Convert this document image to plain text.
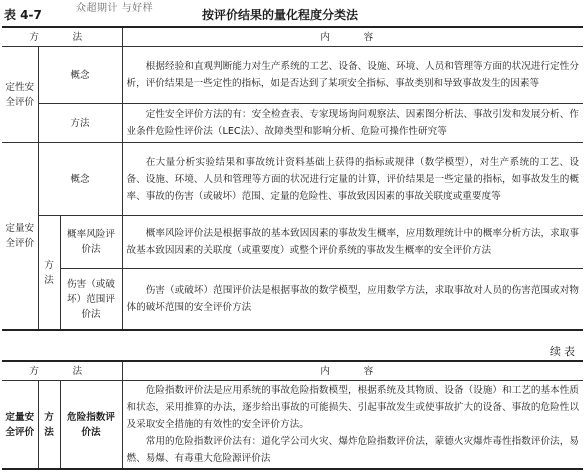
表 4-7	众超期计 与好样	按评价结果的量化程度分类法
方　法			内　容
定性安全评价	概念		根据经验和直观判断能力对生产系统的工艺、设备、设施、环境、人员和管理等方面的状况进行定性分析，评价结果是一些定性的指标，如是否达到了某项安全指标、事故类别和导致事故发生的因素等
	方法		定性安全评价方法的有：安全检查表、专家现场询问观察法、因素图分析法、事故引发和发展分析、作业条件危险性评价法（LEC法）、故障类型和影响分析、危险可操作性研究等
定量安全评价	概念		在大量分析实验结果和事故统计资料基础上获得的指标或规律（数学模型），对生产系统的工艺、设备、设施、环境、人员和管理等方面的状况进行定量的计算，评价结果是一些定量的指标，如事故发生的概率、事故的伤害（或破坏）范围、定量的危险性、事故致因因素的事故关联度或重要度等
	方法	概率风险评价法	概率风险评价法是根据事故的基本致因因素的事故发生概率，应用数理统计中的概率分析方法，求取事故基本致因因素的关联度（或重要度）或整个评价系统的事故发生概率的安全评价方法
		伤害（或破坏）范围评价法	伤害（或破坏）范围评价法是根据事故的数学模型，应用数学方法，求取事故对人员的伤害范围或对物体的破坏范围的安全评价方法
续表
方　法			内　容
定量安全评价	方法	危险指数评价法	危险指数评价法是应用系统的事故危险指数模型，根据系统及其物质、设备（设施）和工艺的基本性质和状态，采用推算的办法，逐步给出事故的可能损失、引起事故发生或使事故扩大的设备、事故的危险性以及采取安全措施的有效性的安全评价方法。
常用的危险指数评价法有：道化学公司火灾、爆炸危险指数评价法，蒙德火灾爆炸毒性指数评价法，易燃、易爆、有毒重大危险源评价法
